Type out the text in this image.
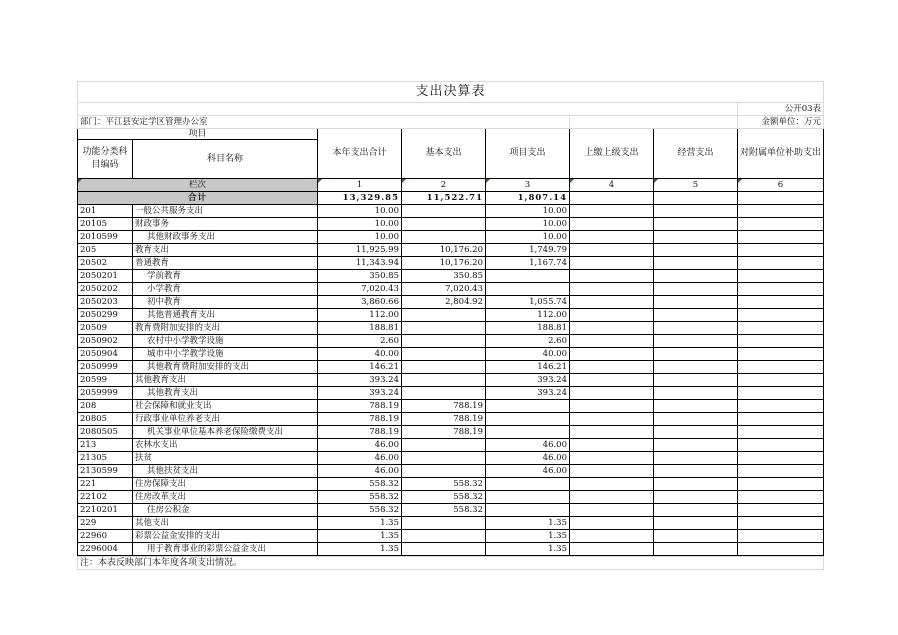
支出决算表							
							公开03表
部门：平江县安定学区管理办公室							金额单位：万元
项目		本年支出合计	基本支出	项目支出	上缴上级支出	经营支出	对附属单位补助支出
功能分类科目编码	科目名称						
栏次		1	2	3	4	5	6
合计		13,329.85	11,522.71	1,807.14			
201	一般公共服务支出	10.00		10.00			
20105	财政事务	10.00		10.00			
2010599	其他财政事务支出	10.00		10.00			
205	教育支出	11,925.99	10,176.20	1,749.79			
20502	普通教育	11,343.94	10,176.20	1,167.74			
2050201	学前教育	350.85	350.85				
2050202	小学教育	7,020.43	7,020.43				
2050203	初中教育	3,860.66	2,804.92	1,055.74			
2050299	其他普通教育支出	112.00		112.00			
20509	教育费附加安排的支出	188.81		188.81			
2050902	农村中小学教学设施	2.60		2.60			
2050904	城市中小学教学设施	40.00		40.00			
2050999	其他教育费附加安排的支出	146.21		146.21			
20599	其他教育支出	393.24		393.24			
2059999	其他教育支出	393.24		393.24			
208	社会保障和就业支出	788.19	788.19				
20805	行政事业单位养老支出	788.19	788.19				
2080505	机关事业单位基本养老保险缴费支出	788.19	788.19				
213	农林水支出	46.00		46.00			
21305	扶贫	46.00		46.00			
2130599	其他扶贫支出	46.00		46.00			
221	住房保障支出	558.32	558.32				
22102	住房改革支出	558.32	558.32				
2210201	住房公积金	558.32	558.32				
229	其他支出	1.35		1.35			
22960	彩票公益金安排的支出	1.35		1.35			
2296004	用于教育事业的彩票公益金支出	1.35		1.35			
注：本表反映部门本年度各项支出情况。
